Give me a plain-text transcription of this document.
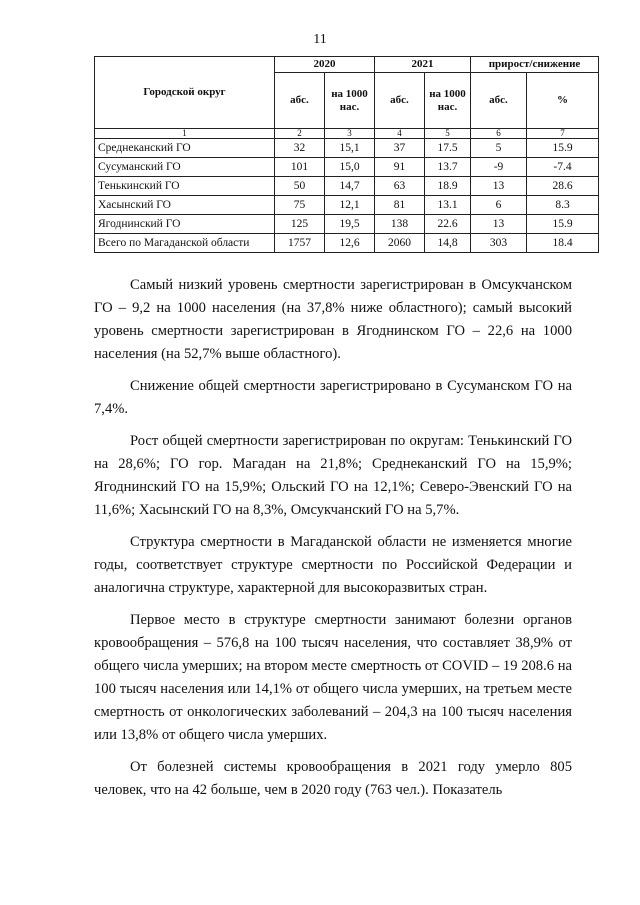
11
Городской округ	2020		2021		прирост/снижение	
	абс.	на 1000 нас.	абс.	на 1000 нас.	абс.	%
1	2	3	4	5	6	7
Среднеканский ГО	32	15,1	37	17.5	5	15.9
Сусуманский ГО	101	15,0	91	13.7	-9	-7.4
Тенькинский ГО	50	14,7	63	18.9	13	28.6
Хасынский ГО	75	12,1	81	13.1	6	8.3
Ягоднинский ГО	125	19,5	138	22.6	13	15.9
Всего по Магаданской области	1757	12,6	2060	14,8	303	18.4

Самый низкий уровень смертности зарегистрирован в Омсукчанском ГО – 9,2 на 1000 населения (на 37,8% ниже областного); самый высокий уровень смертности зарегистрирован в Ягоднинском ГО – 22,6 на 1000 населения (на 52,7% выше областного).

Снижение общей смертности зарегистрировано в Сусуманском ГО на 7,4%.

Рост общей смертности зарегистрирован по округам: Тенькинский ГО на 28,6%; ГО гор. Магадан на 21,8%; Среднеканский ГО на 15,9%; Ягоднинский ГО на 15,9%; Ольский ГО на 12,1%; Северо-Эвенский ГО на 11,6%; Хасынский ГО на 8,3%, Омсукчанский ГО на 5,7%.

Структура смертности в Магаданской области не изменяется многие годы, соответствует структуре смертности по Российской Федерации и аналогична структуре, характерной для высокоразвитых стран.

Первое место в структуре смертности занимают болезни органов кровообращения – 576,8 на 100 тысяч населения, что составляет 38,9% от общего числа умерших; на втором месте смертность от COVID – 19 208.6 на 100 тысяч населения или 14,1% от общего числа умерших, на третьем месте смертность от онкологических заболеваний – 204,3 на 100 тысяч населения или 13,8% от общего числа умерших.

От болезней системы кровообращения в 2021 году умерло 805 человек, что на 42 больше, чем в 2020 году (763 чел.). Показатель
